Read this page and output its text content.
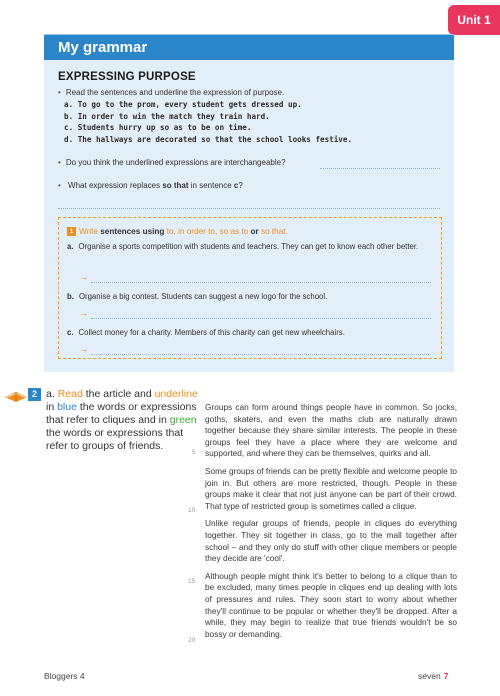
Unit 1
My grammar
EXPRESSING PURPOSE
• Read the sentences and underline the expression of purpose.
a. To go to the prom, every student gets dressed up.
b. In order to win the match they train hard.
c. Students hurry up so as to be on time.
d. The hallways are decorated so that the school looks festive.
• Do you think the underlined expressions are interchangeable?
• What expression replaces so that in sentence c?
1 Write sentences using to, in order to, so as to or so that.
a. Organise a sports competition with students and teachers. They can get to know each other better.
→
b. Organise a big contest. Students can suggest a new logo for the school.
→
c. Collect money for a charity. Members of this charity can get new wheelchairs.
→
2 a. Read the article and underline in blue the words or expressions that refer to cliques and in green the words or expressions that refer to groups of friends.

Groups can form around things people have in common. So jocks, goths, skaters, and even the maths club are naturally drawn together because they share similar interests. The people in these groups feel they have a place where they are welcome and supported, and where they can be themselves, quirks and all.

Some groups of friends can be pretty flexible and welcome people to join in. But others are more restricted, though. People in these groups make it clear that not just anyone can be part of their crowd. That type of restricted group is sometimes called a clique.

Unlike regular groups of friends, people in cliques do everything together. They sit together in class, go to the mall together after school – and they only do stuff with other clique members or people they decide are 'cool'.

Although people might think it's better to belong to a clique than to be excluded, many times people in cliques end up dealing with lots of pressures and rules. They soon start to worry about whether they'll continue to be popular or whether they'll be dropped. After a while, they may begin to realize that true friends wouldn't be so bossy or demanding.

5
10
15
20
Bloggers 4	seven 7
